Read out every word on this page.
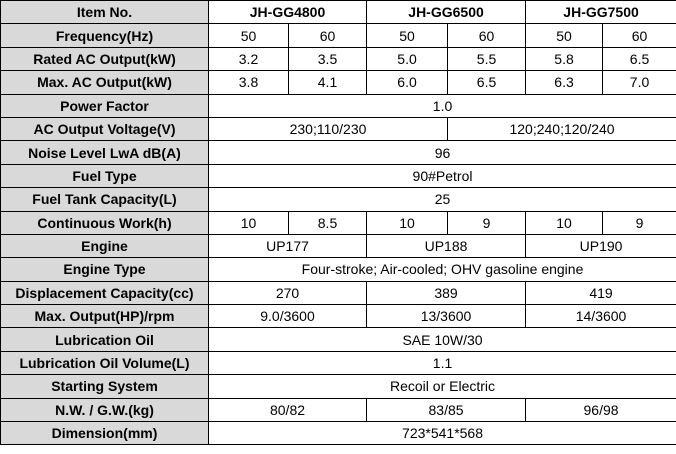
Item No.	JH-GG4800		JH-GG6500		JH-GG7500	
Frequency(Hz)	50	60	50	60	50	60
Rated AC Output(kW)	3.2	3.5	5.0	5.5	5.8	6.5
Max. AC Output(kW)	3.8	4.1	6.0	6.5	6.3	7.0
Power Factor	1.0					
AC Output Voltage(V)	230;110/230			120;240;120/240		
Noise Level LwA dB(A)	96					
Fuel Type	90#Petrol					
Fuel Tank Capacity(L)	25					
Continuous Work(h)	10	8.5	10	9	10	9
Engine	UP177		UP188		UP190	
Engine Type	Four-stroke; Air-cooled; OHV gasoline engine					
Displacement Capacity(cc)	270		389		419	
Max. Output(HP)/rpm	9.0/3600		13/3600		14/3600	
Lubrication Oil	SAE 10W/30					
Lubrication Oil Volume(L)	1.1					
Starting System	Recoil or Electric					
N.W. / G.W.(kg)	80/82		83/85		96/98	
Dimension(mm)	723*541*568					
